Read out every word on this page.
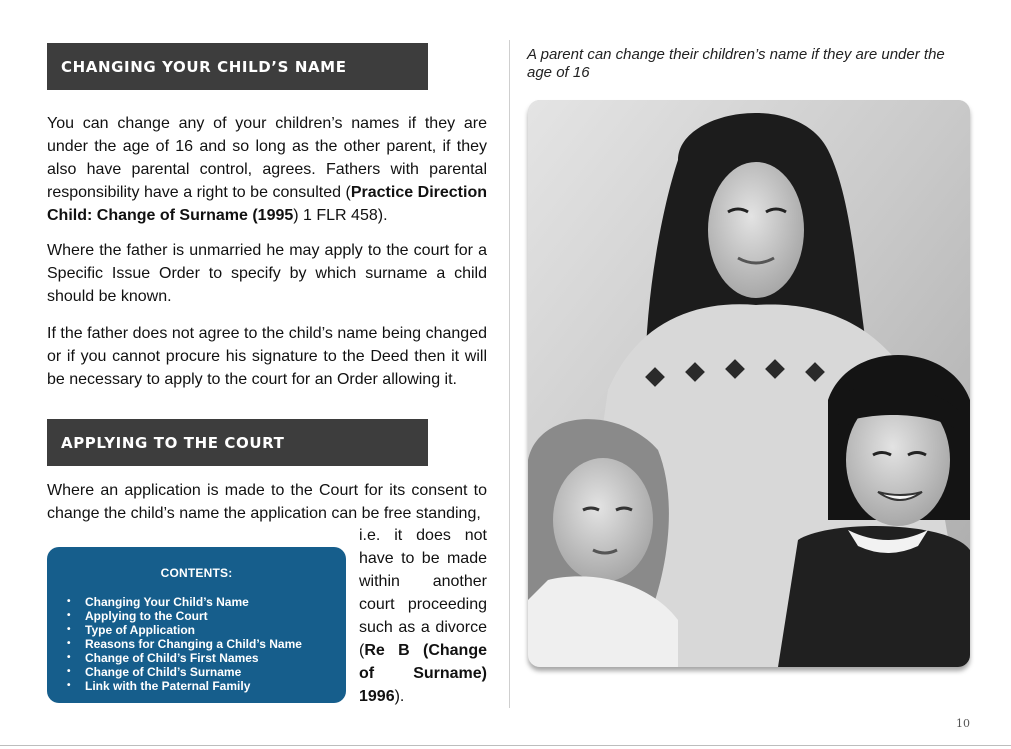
CHANGING YOUR CHILD’S NAME
You can change any of your children’s names if they are under the age of 16 and so long as the other parent, if they also have parental control, agrees. Fathers with parental responsibility have a right to be consulted (Practice Direction Child: Change of Surname (1995) 1 FLR 458).
Where the father is unmarried he may apply to the court for a Specific Issue Order to specify by which surname a child should be known.
If the father does not agree to the child’s name being changed or if you cannot procure his signature to the Deed then it will be necessary to apply to the court for an Order allowing it.
APPLYING TO THE COURT
Where an application is made to the Court for its consent to change the child’s name the application can be free standing,
i.e. it does not have to be made within another court proceeding such as a divorce (Re B (Change of Surname) 1996).
CONTENTS:
• Changing Your Child’s Name
• Applying to the Court
• Type of Application
• Reasons for Changing a Child’s Name
• Change of Child’s First Names
• Change of Child’s Surname
• Link with the Paternal Family
A parent can change their children’s name if they are under the age of 16
10
